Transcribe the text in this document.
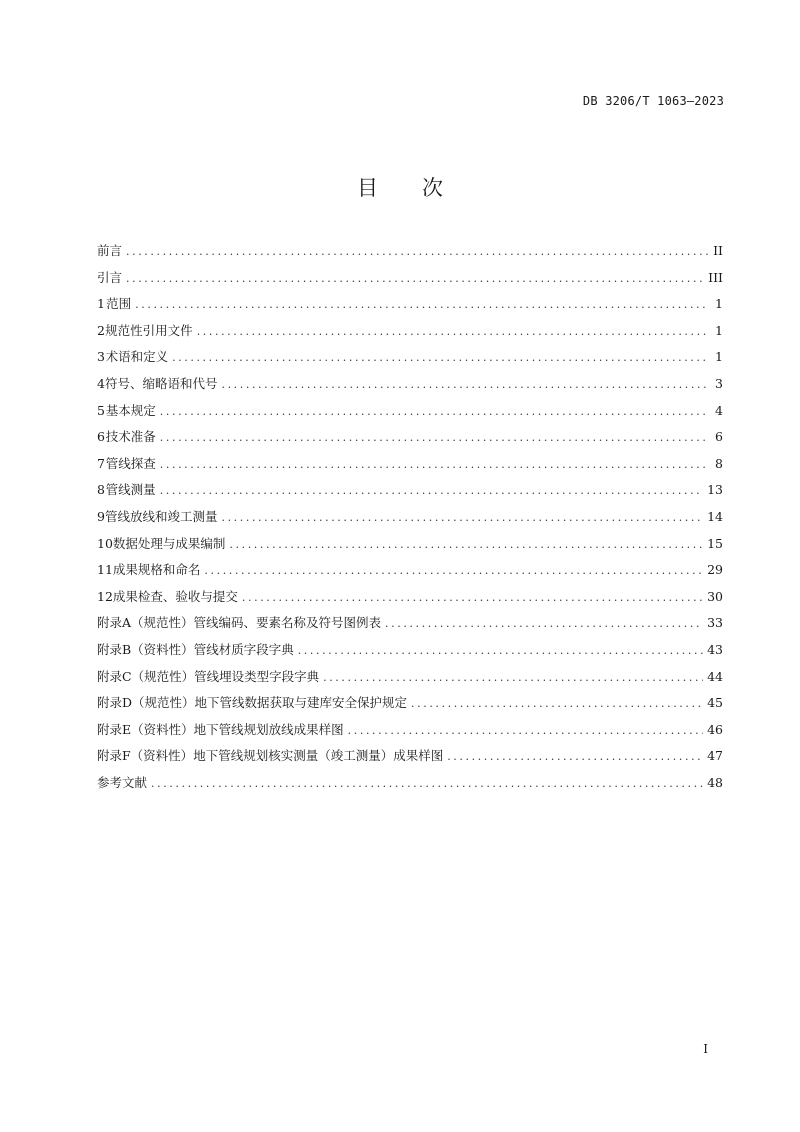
DB 3206/T 1063—2023
目 次
前言 .....	II
引言 .....	III
1 范围 .....	1
2 规范性引用文件 .....	1
3 术语和定义 .....	1
4 符号、缩略语和代号 .....	3
5 基本规定 .....	4
6 技术准备 .....	6
7 管线探查 .....	8
8 管线测量 .....	13
9 管线放线和竣工测量 .....	14
10 数据处理与成果编制 .....	15
11 成果规格和命名 .....	29
12 成果检查、验收与提交 .....	30
附录A（规范性） 管线编码、要素名称及符号图例表 .....	33
附录B（资料性） 管线材质字段字典 .....	43
附录C（规范性） 管线埋设类型字段字典 .....	44
附录D（规范性） 地下管线数据获取与建库安全保护规定 .....	45
附录E（资料性） 地下管线规划放线成果样图 .....	46
附录F（资料性） 地下管线规划核实测量（竣工测量）成果样图 .....	47
参考文献 .....	48
I
